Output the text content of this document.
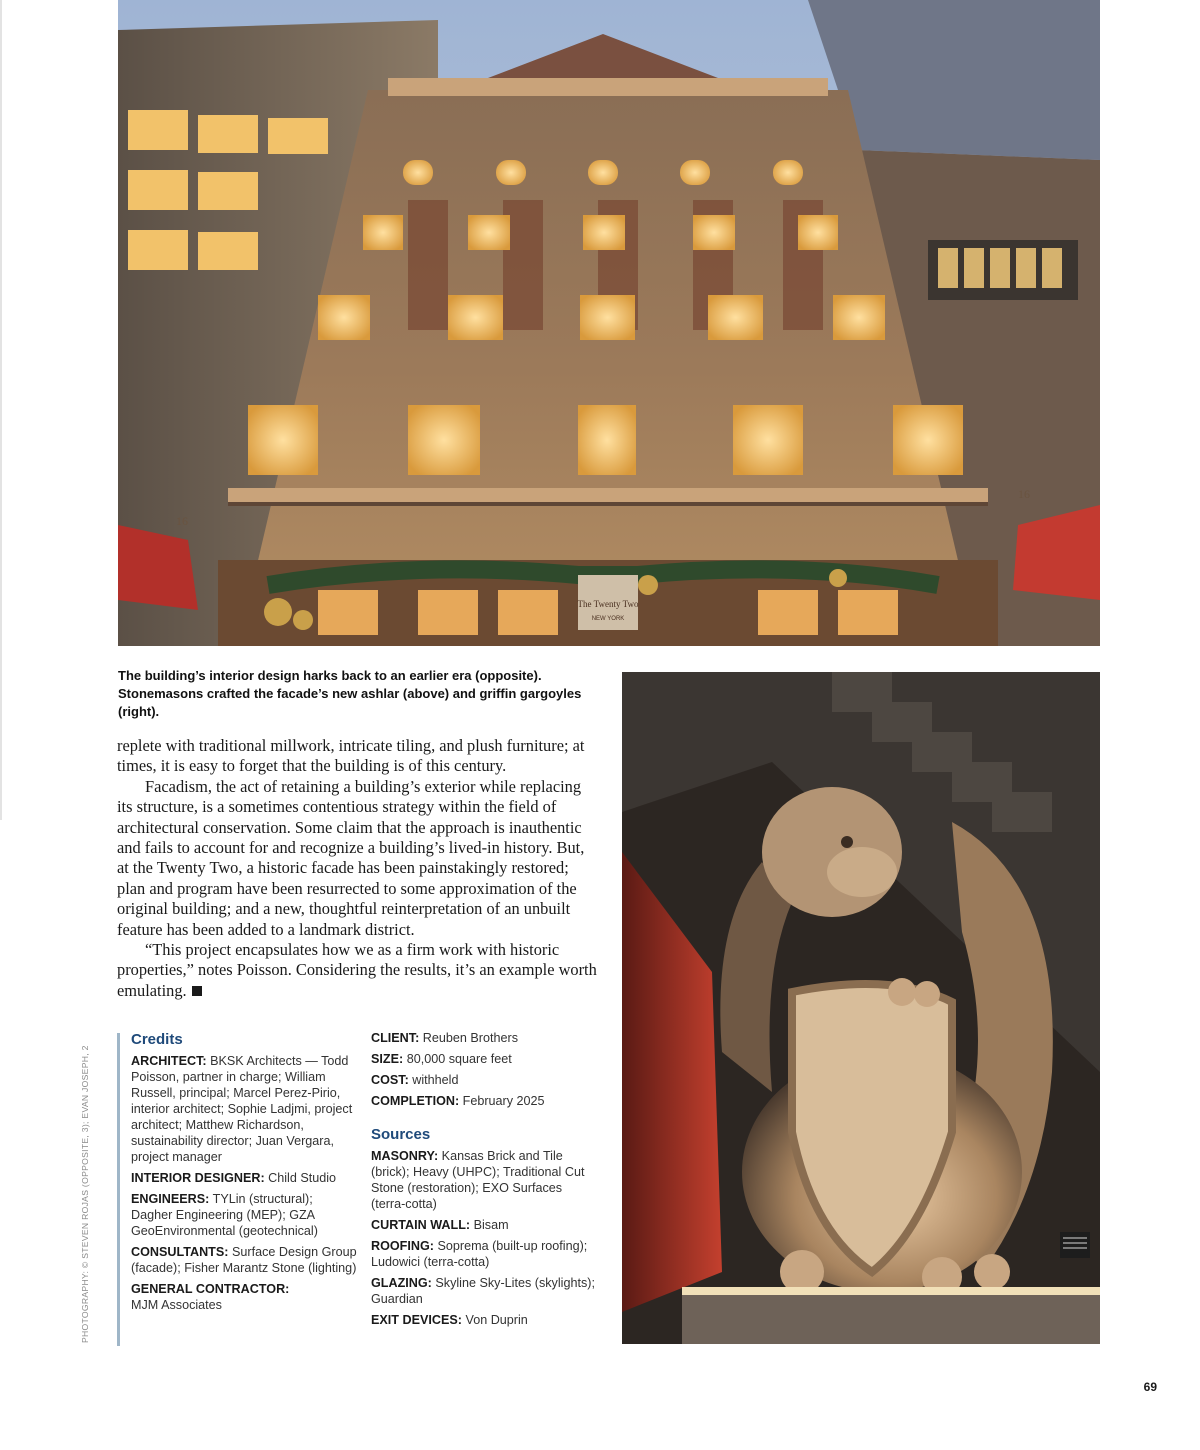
The Twenty Two
NEW YORK
16
16
The building’s interior design harks back to an earlier era (opposite). Stonemasons crafted the facade’s new ashlar (above) and griffin gargoyles (right).

replete with traditional millwork, intricate tiling, and plush furniture; at times, it is easy to forget that the building is of this century.

Facadism, the act of retaining a building’s exterior while replacing its structure, is a sometimes contentious strategy within the field of architectural conservation. Some claim that the approach is inauthentic and fails to account for and recognize a building’s lived-in history. But, at the Twenty Two, a historic facade has been painstakingly restored; plan and program have been resurrected to some approximation of the original building; and a new, thoughtful reinterpretation of an unbuilt feature has been added to a landmark district.

“This project encapsulates how we as a firm work with historic properties,” notes Poisson. Considering the results, it’s an example worth emulating.

PHOTOGRAPHY: © STEVEN ROJAS (OPPOSITE, 3); EVAN JOSEPH, 2
Credits
ARCHITECT: BKSK Architects — Todd Poisson, partner in charge; William Russell, principal; Marcel Perez-Pirio, interior architect; Sophie Ladjmi, project architect; Matthew Richardson, sustainability director; Juan Vergara, project manager
INTERIOR DESIGNER: Child Studio
ENGINEERS: TYLin (structural); Dagher Engineering (MEP); GZA GeoEnvironmental (geotechnical)
CONSULTANTS: Surface Design Group (facade); Fisher Marantz Stone (lighting)
GENERAL CONTRACTOR:
MJM Associates
CLIENT: Reuben Brothers
SIZE: 80,000 square feet
COST: withheld
COMPLETION: February 2025
Sources
MASONRY: Kansas Brick and Tile (brick); Heavy (UHPC); Traditional Cut Stone (restoration); EXO Surfaces (terra-cotta)
CURTAIN WALL: Bisam
ROOFING: Soprema (built-up roofing); Ludowici (terra-cotta)
GLAZING: Skyline Sky-Lites (skylights); Guardian
EXIT DEVICES: Von Duprin
69
